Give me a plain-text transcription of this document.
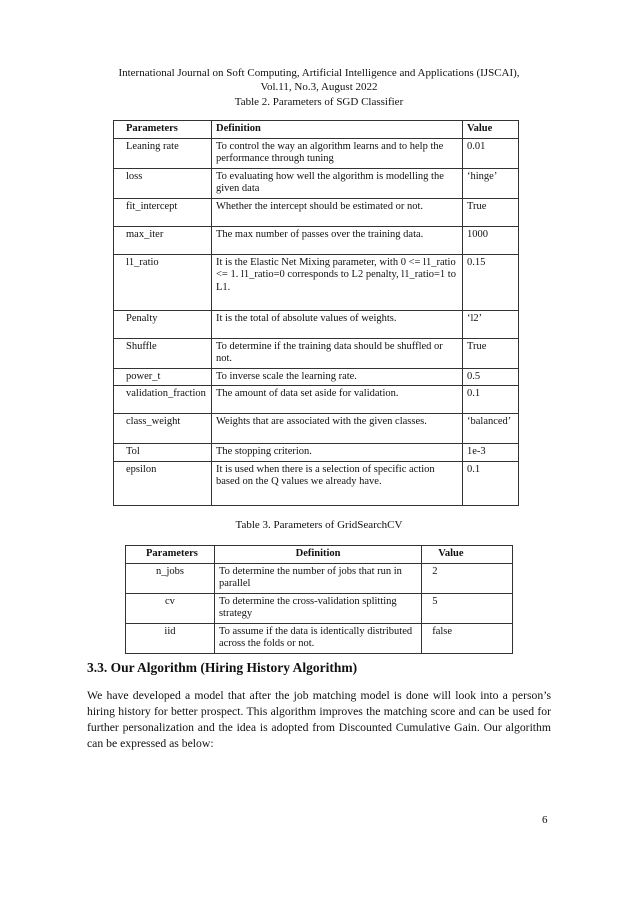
International Journal on Soft Computing, Artificial Intelligence and Applications (IJSCAI),
Vol.11, No.3, August 2022
Table 2. Parameters of SGD Classifier
Parameters	Definition	Value
Leaning rate	To control the way an algorithm learns and to help the performance through tuning	0.01
loss	To evaluating how well the algorithm is modelling the given data	‘hinge’
fit_intercept	Whether the intercept should be estimated or not.	True
max_iter	The max number of passes over the training data.	1000
l1_ratio	It is the Elastic Net Mixing parameter, with 0 <= l1_ratio <= 1. l1_ratio=0 corresponds to L2 penalty, l1_ratio=1 to L1.	0.15
Penalty	It is the total of absolute values of weights.	‘l2’
Shuffle	To determine if the training data should be shuffled or not.	True
power_t	To inverse scale the learning rate.	0.5
validation_fraction	The amount of data set aside for validation.	0.1
class_weight	Weights that are associated with the given classes.	‘balanced’
Tol	The stopping criterion.	1e-3
epsilon	It is used when there is a selection of specific action based on the Q values we already have.	0.1
Table 3. Parameters of GridSearchCV
Parameters	Definition	Value
n_jobs	To determine the number of jobs that run in parallel	2
cv	To determine the cross-validation splitting strategy	5
iid	To assume if the data is identically distributed across the folds or not.	false
3.3. Our Algorithm (Hiring History Algorithm)
We have developed a model that after the job matching model is done will look into a person’s hiring history for better prospect. This algorithm improves the matching score and can be used for further personalization and the idea is adopted from Discounted Cumulative Gain. Our algorithm can be expressed as below:
6
